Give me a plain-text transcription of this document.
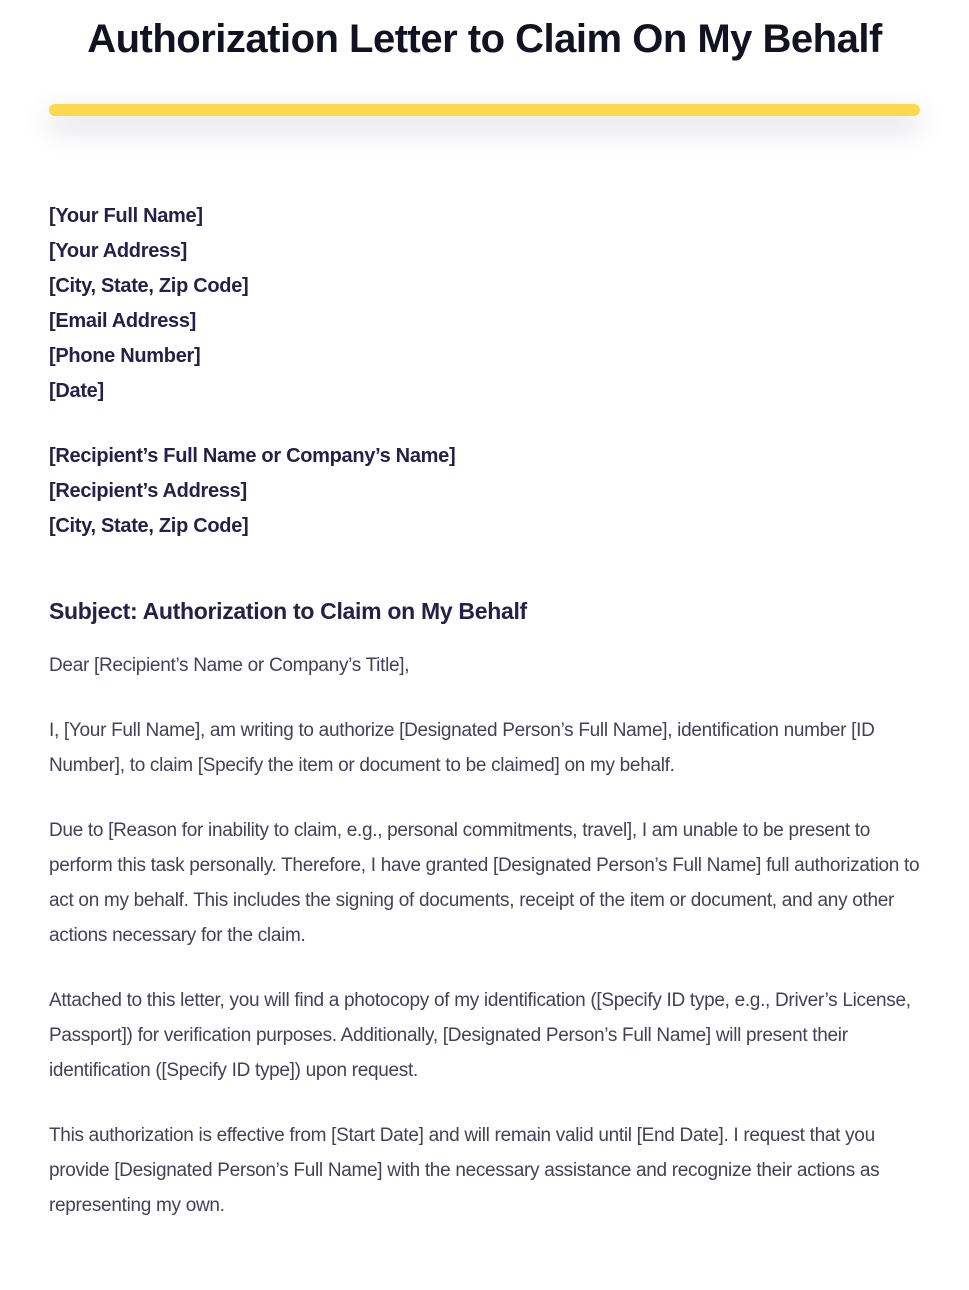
Authorization Letter to Claim On My Behalf
[Your Full Name]
[Your Address]
[City, State, Zip Code]
[Email Address]
[Phone Number]
[Date]
[Recipient’s Full Name or Company’s Name]
[Recipient’s Address]
[City, State, Zip Code]
Subject: Authorization to Claim on My Behalf

Dear [Recipient’s Name or Company’s Title],

I, [Your Full Name], am writing to authorize [Designated Person’s Full Name], identification number [ID Number], to claim [Specify the item or document to be claimed] on my behalf.

Due to [Reason for inability to claim, e.g., personal commitments, travel], I am unable to be present to perform this task personally. Therefore, I have granted [Designated Person’s Full Name] full authorization to act on my behalf. This includes the signing of documents, receipt of the item or document, and any other actions necessary for the claim.

Attached to this letter, you will find a photocopy of my identification ([Specify ID type, e.g., Driver’s License, Passport]) for verification purposes. Additionally, [Designated Person’s Full Name] will present their identification ([Specify ID type]) upon request.

This authorization is effective from [Start Date] and will remain valid until [End Date]. I request that you provide [Designated Person’s Full Name] with the necessary assistance and recognize their actions as representing my own.
